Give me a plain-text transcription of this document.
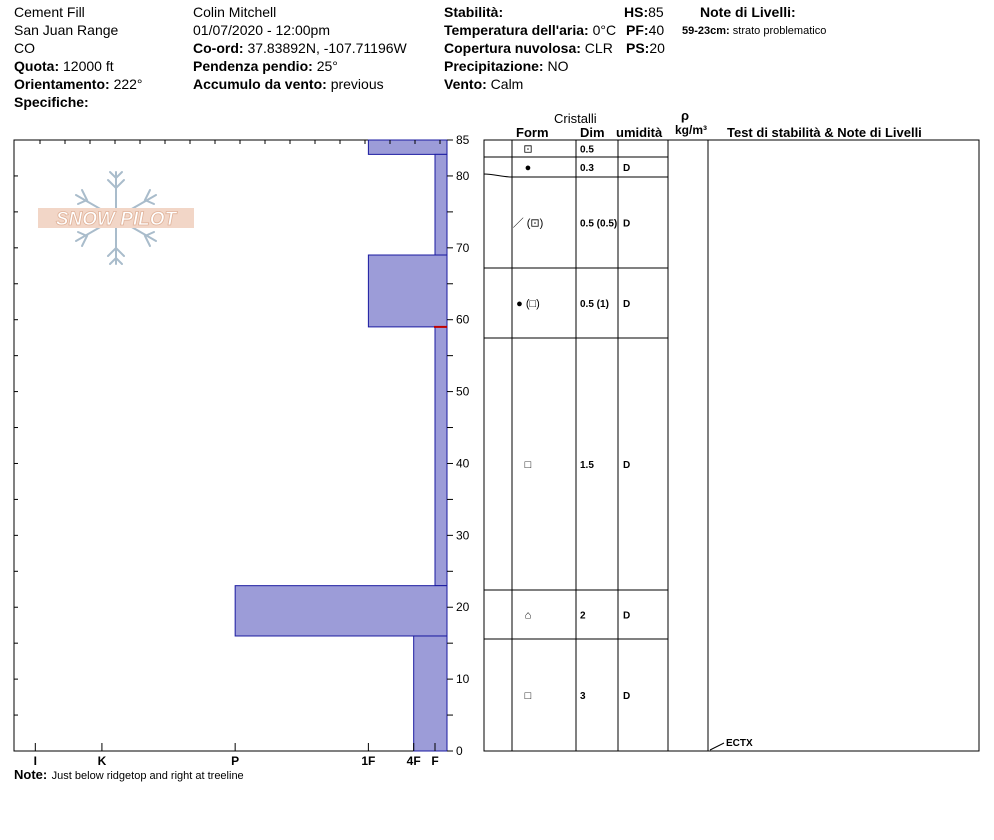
Cement Fill
San Juan Range
CO
Quota: 12000 ft
Orientamento: 222°
Specifiche:
Colin Mitchell
01/07/2020 - 12:00pm
Co-ord: 37.83892N, -107.71196W
Pendenza pendio: 25°
Accumulo da vento: previous
Stabilità:
Temperatura dell'aria: 0°C
Copertura nuvolosa: CLR
Precipitazione: NO
Vento: Calm
HS:85
PF:40
PS:20
Note di Livelli:
59-23cm: strato problematico
SNOW PILOT
0
10
20
30
40
50
60
70
80
85
I	K	P	1F	4F F
Cristalli
Form Dim umidità
ρ
kg/m³ Test di stabilità & Note di Livelli
⊡	0.5
●	0.3	D
／ (⊡)	0.5 (0.5) D
● (□)	0.5 (1) D
□	1.5	D
⌂	2	D
□	3	D
ECTX
Note: Just below ridgetop and right at treeline
